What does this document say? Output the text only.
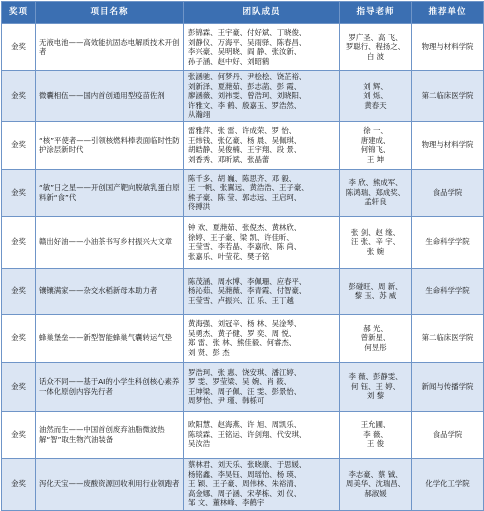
奖项	项目名称	团队成员	指导老师	推荐单位
金奖	无液电池——高效能抗固态电解质技术开创者	彭锦霖、王宇豪、付好斌、丁晓俊、
刘静仪、万海平、吴雨驿、陈春昌、
李兴豪、吴明晓、阎 静、张汝新、
孙子涵、赵中好、刘昭鹤	罗广圣、高 飞、
罗聪行、程扬之、
白 波	物理与材料学院
金奖	微囊相伍——国内首创通用型疫苗佐剂	张涵驰、何梦丹、尹桧桧、饶芷裕、
刘新泽、夏滟茹、彭志菡、彭 霞、
廖涵薇、刘祎雯、曾浩珂、刘晓阳、
许雅文、李 鹤、殷嘉玉、罗浩然、
从瀚翊	刘 辉、
刘 烁、
黄春天	第二临床医学院
金奖	“核”平使者——引领核燃料棒表面临时性防护涂层新时代	雷雅萍、张 雷、许成荣、罗 怡、
王炜钱、张亿豪、杨 晨、吴佩琪、
胡皓静、吴俊楠、王宇翔、段 景、
刘香秀、邓昕斌、张晶蕾	徐 一、
唐建成、
何锦飞、
王 坤	物理与材料学院
金奖	“敏”日之星——开创国产靶向脱敏乳蛋白原料新“食”代	陈千多、胡 巍、陈思齐、邓 毅、
王 一帆、张翼远、黄浩浩、王子豪、
熊子豪、陈 莹、郭志远、王启珂、
佟搏洪	李 欣、熊成军、
陈鸿瑞、郑成奖、
孟轩良	食品学院
金奖	赣出好油——小油茶书写乡村振兴大文章	钟 欢、夏滟茹、张倪杰、黄林欣、
徐婷、王子豪、梁 凯、许佳昕、
王莹雪、李若晶、李嘉欣、陈 尚、
张嘉乐、叶莹花、樊子铭	张 剑、赵 缘、
汪 张、辛 宇、
张 婉	生命科学学院
金奖	镶镶满家——杂交水稻新母本助力者	陈茂涵、周水博、李佩珊、应春平、
杨沁茹、吴滟薇、李青霞、付智豪、
王莹雪、卢振兴、江 乐、王丁越	彭碰旺、周 新、
黎 玉、苏 威	生命科学学院
金奖	蜂巢堡垒——新型智能蜂巢气囊转运气垫	黄海强、刘冠辛、杨 林、吴淦琴、
吴勇杰、黄子健、罗 奕、周 悦、
郑 雷、张 林、熊佳毅、何睿杰、
刘 贤、彭 杰	郝 光、
曾新星、
何昱彤	第二临床医学院
金奖	话众不同——基于AI的小学生科创核心素养一体化原创内容先行者	罗浩珂、张 惠、饶安琪、潘江婷、
罗 雯、罗莹梁、吴 婉、肖 筱、
王坤梁、周子佩、汪 雯、彭景怡、
周梦怡、尹 瑾、韩栎可	李 薇、彭静雯、
何 钰、王 婷、
刘 黎	新闻与传播学院
金奖	油然而生——中国首创废弃油脂微波热解“智”取生物汽油装备	欧阳慧、赵海燕、许 旭、周凯乐、
陈琰霖、王铭运、许剑翔、代安琪、
吴汝浩	王允圃、
李 薇、
王 俊	食品学院
金奖	泻化天宝——废酸资源回收利用行业领跑者	蔡林君、刘天乐、张晓康、于思媛、
杨铭鑫、李昊钰、周瑶怡、杨 瑛、
王 颖、王子豪、周伟林、朱裕清、
高金娜、周子涵、宋孝栋、刘 仪、
邹 文、董林峰、李鹤宇	李志豪、蔡 铖、
周美华、沈瑞昌、
郝淑媛	化学化工学院
